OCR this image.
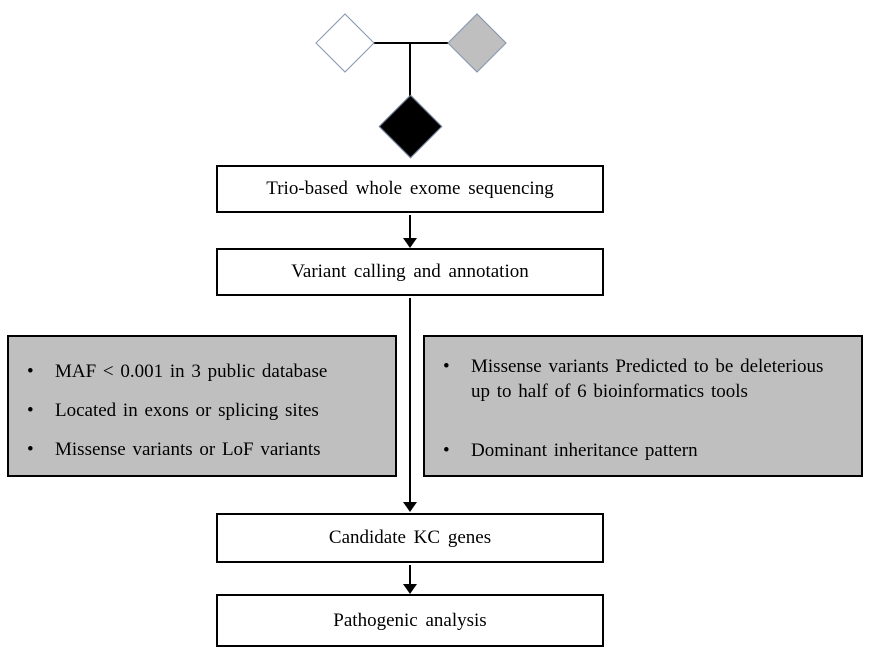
Trio-based whole exome sequencing
Variant calling and annotation
• MAF < 0.001 in 3 public database
• Located in exons or splicing sites
• Missense variants or LoF variants
• Missense variants Predicted to be deleterious up to half of 6 bioinformatics tools
• Dominant inheritance pattern
Candidate KC genes
Pathogenic analysis
